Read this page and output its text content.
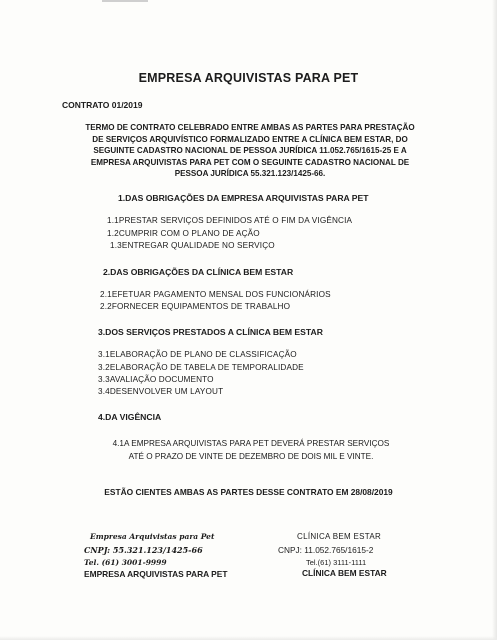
EMPRESA ARQUIVISTAS PARA PET
CONTRATO 01/2019
TERMO DE CONTRATO CELEBRADO ENTRE AMBAS AS PARTES PARA PRESTAÇÃO
DE SERVIÇOS ARQUIVÍSTICO FORMALIZADO ENTRE A CLÍNICA BEM ESTAR, DO
SEGUINTE CADASTRO NACIONAL DE PESSOA JURÍDICA 11.052.765/1615-25 E A
EMPRESA ARQUIVISTAS PARA PET COM O SEGUINTE CADASTRO NACIONAL DE
PESSOA JURÍDICA 55.321.123/1425-66.
1.DAS OBRIGAÇÕES DA EMPRESA ARQUIVISTAS PARA PET
1.1PRESTAR SERVIÇOS DEFINIDOS ATÉ O FIM DA VIGÊNCIA
1.2CUMPRIR COM O PLANO DE AÇÃO
1.3ENTREGAR QUALIDADE NO SERVIÇO
2.DAS OBRIGAÇÕES DA CLÍNICA BEM ESTAR
2.1EFETUAR PAGAMENTO MENSAL DOS FUNCIONÁRIOS
2.2FORNECER EQUIPAMENTOS DE TRABALHO
3.DOS SERVIÇOS PRESTADOS A CLÍNICA BEM ESTAR
3.1ELABORAÇÃO DE PLANO DE CLASSIFICAÇÃO
3.2ELABORAÇÃO DE TABELA DE TEMPORALIDADE
3.3AVALIAÇÃO DOCUMENTO
3.4DESENVOLVER UM LAYOUT
4.DA VIGÊNCIA
4.1A EMPRESA ARQUIVISTAS PARA PET DEVERÁ PRESTAR SERVIÇOS
ATÉ O PRAZO DE VINTE DE DEZEMBRO DE DOIS MIL E VINTE.
ESTÃO CIENTES AMBAS AS PARTES DESSE CONTRATO EM 28/08/2019
Empresa Arquivistas para Pet
CNPJ: 55.321.123/1425-66
Tel. (61) 3001-9999
EMPRESA ARQUIVISTAS PARA PET
CLÍNICA BEM ESTAR
CNPJ: 11.052.765/1615-2
Tel.(61) 3111-1111
CLÍNICA BEM ESTAR
